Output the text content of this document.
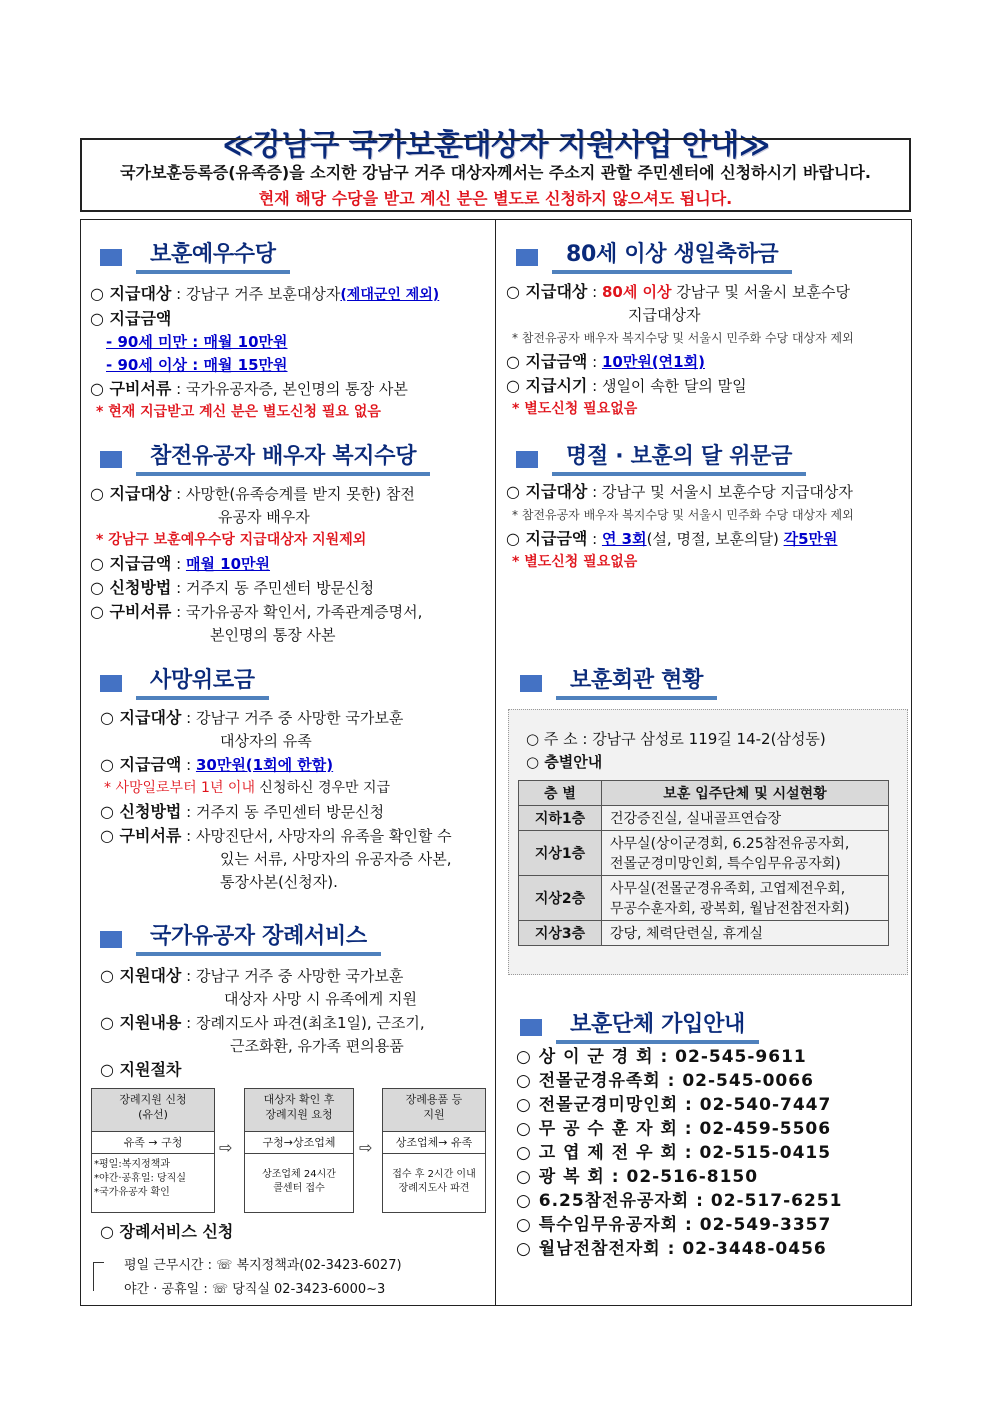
≪강남구 국가보훈대상자 지원사업 안내≫
국가보훈등록증(유족증)을 소지한 강남구 거주 대상자께서는 주소지 관할 주민센터에 신청하시기 바랍니다.
현재 해당 수당을 받고 계신 분은 별도로 신청하지 않으셔도 됩니다.
보훈예우수당
○ 지급대상 : 강남구 거주 보훈대상자(제대군인 제외)
○ 지급금액
- 90세 미만 : 매월 10만원
- 90세 이상 : 매월 15만원
○ 구비서류 : 국가유공자증, 본인명의 통장 사본
* 현재 지급받고 계신 분은 별도신청 필요 없음
참전유공자 배우자 복지수당
○ 지급대상 : 사망한(유족승계를 받지 못한) 참전
유공자 배우자
* 강남구 보훈예우수당 지급대상자 지원제외
○ 지급금액 : 매월 10만원
○ 신청방법 : 거주지 동 주민센터 방문신청
○ 구비서류 : 국가유공자 확인서, 가족관계증명서,
본인명의 통장 사본
사망위로금
○ 지급대상 : 강남구 거주 중 사망한 국가보훈
대상자의 유족
○ 지급금액 : 30만원(1회에 한함)
* 사망일로부터 1년 이내 신청하신 경우만 지급
○ 신청방법 : 거주지 동 주민센터 방문신청
○ 구비서류 : 사망진단서, 사망자의 유족을 확인할 수
있는 서류, 사망자의 유공자증 사본,
통장사본(신청자).
국가유공자 장례서비스
○ 지원대상 : 강남구 거주 중 사망한 국가보훈
대상자 사망 시 유족에게 지원
○ 지원내용 : 장례지도사 파견(최초1일), 근조기,
근조화환, 유가족 편의용품
○ 지원절차
장례지원 신청
(유선)
유족 → 구청
*평일:복지정책과
*야간·공휴일: 당직실
*국가유공자 확인
⇨
대상자 확인 후
장례지원 요청
구청→상조업체
상조업체 24시간
콜센터 접수
⇨
장례용품 등
지원
상조업체→ 유족
접수 후 2시간 이내
장례지도사 파견
○ 장례서비스 신청
평일 근무시간 : ☏ 복지정책과(02-3423-6027)
야간 · 공휴일 : ☏ 당직실 02-3423-6000~3
80세 이상 생일축하금
○ 지급대상 : 80세 이상 강남구 및 서울시 보훈수당
지급대상자
* 참전유공자 배우자 복지수당 및 서울시 민주화 수당 대상자 제외
○ 지급금액 : 10만원(연1회)
○ 지급시기 : 생일이 속한 달의 말일
* 별도신청 필요없음
명절 · 보훈의 달 위문금
○ 지급대상 : 강남구 및 서울시 보훈수당 지급대상자
* 참전유공자 배우자 복지수당 및 서울시 민주화 수당 대상자 제외
○ 지급금액 : 연 3회(설, 명절, 보훈의달) 각5만원
* 별도신청 필요없음
보훈회관 현황
○ 주 소 : 강남구 삼성로 119길 14-2(삼성동)
○ 층별안내
층 별	보훈 입주단체 및 시설현황
지하1층	건강증진실, 실내골프연습장
지상1층	사무실(상이군경회, 6.25참전유공자회,
전몰군경미망인회, 특수임무유공자회)
지상2층	사무실(전몰군경유족회, 고엽제전우회,
무공수훈자회, 광복회, 월남전참전자회)
지상3층	강당, 체력단련실, 휴게실
보훈단체 가입안내
○ 상 이 군 경 회 : 02-545-9611
○ 전몰군경유족회 : 02-545-0066
○ 전몰군경미망인회 : 02-540-7447
○ 무 공 수 훈 자 회 : 02-459-5506
○ 고 엽 제 전 우 회 : 02-515-0415
○ 광 복 회 : 02-516-8150
○ 6.25참전유공자회 : 02-517-6251
○ 특수임무유공자회 : 02-549-3357
○ 월남전참전자회 : 02-3448-0456
